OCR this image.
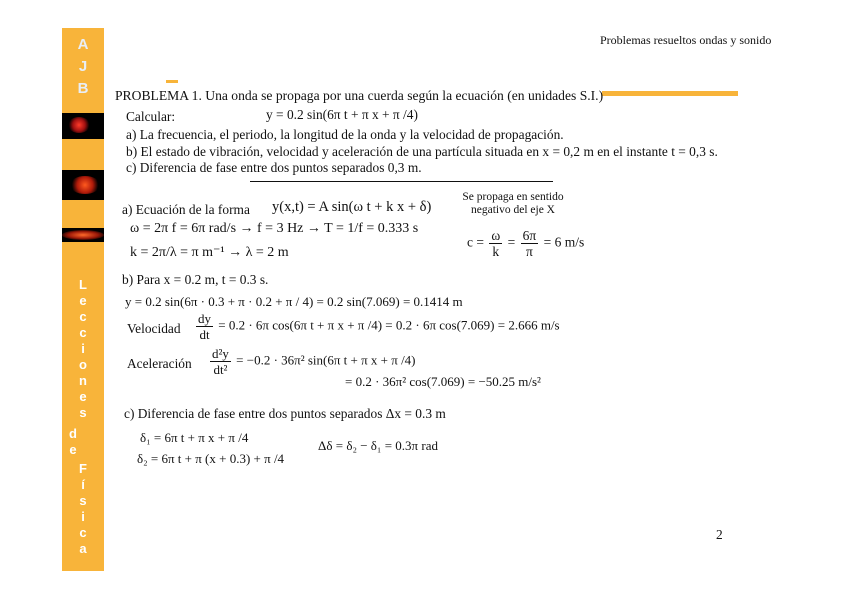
A
J
B
L
e
c
c
i
o
n
e
s
d
e
F
í
s
i
c
a
Problemas resueltos ondas y sonido
PROBLEMA 1. Una onda se propaga por una cuerda según la ecuación (en unidades S.I.)
Calcular:	y = 0.2 sin(6π t + π x + π /4)
a) La frecuencia, el periodo, la longitud de la onda y la velocidad de propagación.
b) El estado de vibración, velocidad y aceleración de una partícula situada en x = 0,2 m en el instante t = 0,3 s.
c) Diferencia de fase entre dos puntos separados 0,3 m.
a) Ecuación de la forma y(x,t) = A sin(ω t + k x + δ)
Se propaga en sentido
negativo del eje X
ω = 2π f = 6π rad/s → f = 3 Hz → T = 1/f = 0.333 s
k = 2π/λ = π m⁻¹ → λ = 2 m
$c = \frac{\omega}{k} = \frac{6\pi}{\pi} = 6$ m/s
b) Para x = 0.2 m, t = 0.3 s.
y = 0.2 sin(6π · 0.3 + π · 0.2 + π / 4) = 0.2 sin(7.069) = 0.1414 m
Velocidad $\frac{dy}{dt} = 0.2 \cdot 6\pi$ cos(6π t + π x + π /4) = 0.2 · 6π cos(7.069) = 2.666 m/s
Aceleración $\frac{\text{d²y}}{\text{dt²}} = -0.2 \cdot 36\pi^2$ sin(6π t + π x + π /4)
= 0.2 · 36π² cos(7.069) = −50.25 m/s²
c) Diferencia de fase entre dos puntos separados Δx = 0.3 m
δ₁ = 6π t + π x + π /4
δ₂ = 6π t + π (x + 0.3) + π /4
Δδ = δ₂ − δ₁ = 0.3π rad
2
